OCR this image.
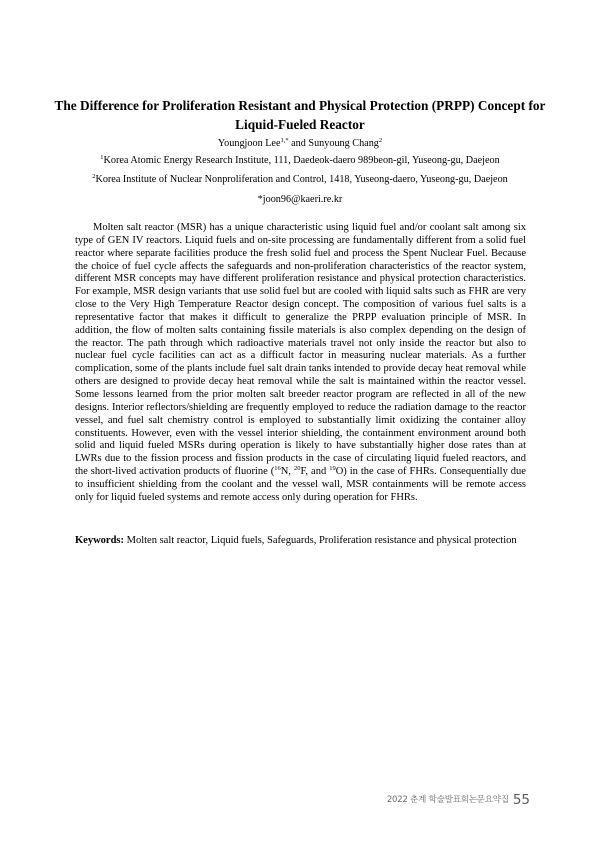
The Difference for Proliferation Resistant and Physical Protection (PRPP) Concept for Liquid-Fueled Reactor
Youngjoon Lee$^{1,*}$ and Sunyoung Chang$^2$
$^1$Korea Atomic Energy Research Institute, 111, Daedeok-daero 989beon-gil, Yuseong-gu, Daejeon
$^2$Korea Institute of Nuclear Nonproliferation and Control, 1418, Yuseong-daero, Yuseong-gu, Daejeon
*joon96@kaeri.re.kr

Molten salt reactor (MSR) has a unique characteristic using liquid fuel and/or coolant salt among six type of GEN IV reactors. Liquid fuels and on-site processing are fundamentally different from a solid fuel reactor where separate facilities produce the fresh solid fuel and process the Spent Nuclear Fuel. Because the choice of fuel cycle affects the safeguards and non-proliferation characteristics of the reactor system, different MSR concepts may have different proliferation resistance and physical protection characteristics. For example, MSR design variants that use solid fuel but are cooled with liquid salts such as FHR are very close to the Very High Temperature Reactor design concept. The composition of various fuel salts is a representative factor that makes it difficult to generalize the PRPP evaluation principle of MSR. In addition, the flow of molten salts containing fissile materials is also complex depending on the design of the reactor. The path through which radioactive materials travel not only inside the reactor but also to nuclear fuel cycle facilities can act as a difficult factor in measuring nuclear materials. As a further complication, some of the plants include fuel salt drain tanks intended to provide decay heat removal while others are designed to provide decay heat removal while the salt is maintained within the reactor vessel. Some lessons learned from the prior molten salt breeder reactor program are reflected in all of the new designs. Interior reflectors/shielding are frequently employed to reduce the radiation damage to the reactor vessel, and fuel salt chemistry control is employed to substantially limit oxidizing the container alloy constituents. However, even with the vessel interior shielding, the containment environment around both solid and liquid fueled MSRs during operation is likely to have substantially higher dose rates than at LWRs due to the fission process and fission products in the case of circulating liquid fueled reactors, and the short-lived activation products of fluorine ($^{16}$N, $^{20}$F, and $^{19}$O) in the case of FHRs. Consequentially due to insufficient shielding from the coolant and the vessel wall, MSR containments will be remote access only for liquid fueled systems and remote access only during operation for FHRs.

Keywords: Molten salt reactor, Liquid fuels, Safeguards, Proliferation resistance and physical protection
2022 춘계 학술발표회논문요약집 55
